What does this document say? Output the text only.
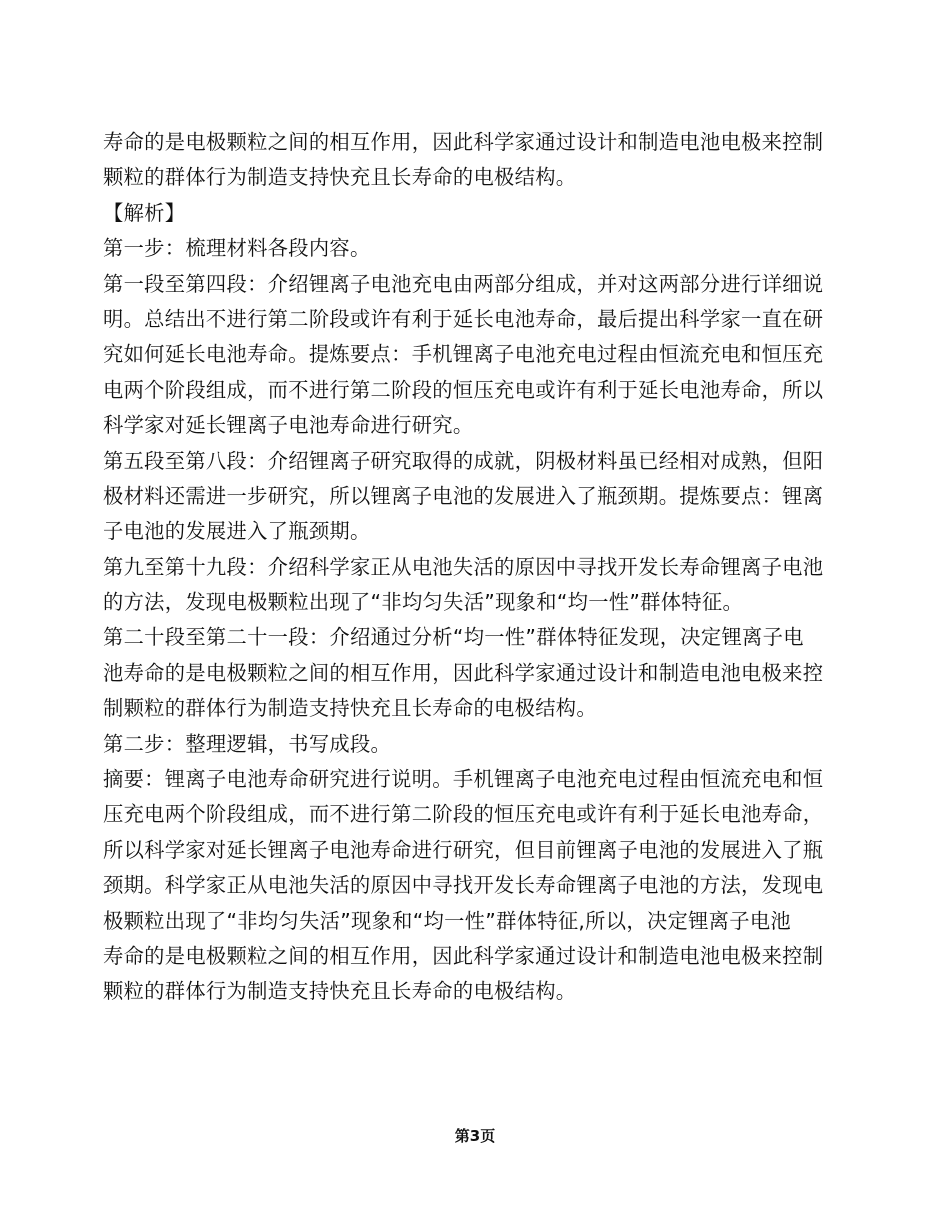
寿命的是电极颗粒之间的相互作用，因此科学家通过设计和制造电池电极来控制
颗粒的群体行为制造支持快充且长寿命的电极结构。
【解析】
第一步：梳理材料各段内容。
第一段至第四段：介绍锂离子电池充电由两部分组成，并对这两部分进行详细说
明。总结出不进行第二阶段或许有利于延长电池寿命，最后提出科学家一直在研
究如何延长电池寿命。提炼要点：手机锂离子电池充电过程由恒流充电和恒压充
电两个阶段组成，而不进行第二阶段的恒压充电或许有利于延长电池寿命，所以
科学家对延长锂离子电池寿命进行研究。
第五段至第八段：介绍锂离子研究取得的成就，阴极材料虽已经相对成熟，但阳
极材料还需进一步研究，所以锂离子电池的发展进入了瓶颈期。提炼要点：锂离
子电池的发展进入了瓶颈期。
第九至第十九段：介绍科学家正从电池失活的原因中寻找开发长寿命锂离子电池
的方法，发现电极颗粒出现了“非均匀失活”现象和“均一性”群体特征。
第二十段至第二十一段：介绍通过分析“均一性”群体特征发现，决定锂离子电
池寿命的是电极颗粒之间的相互作用，因此科学家通过设计和制造电池电极来控
制颗粒的群体行为制造支持快充且长寿命的电极结构。
第二步：整理逻辑，书写成段。
摘要：锂离子电池寿命研究进行说明。手机锂离子电池充电过程由恒流充电和恒
压充电两个阶段组成，而不进行第二阶段的恒压充电或许有利于延长电池寿命，
所以科学家对延长锂离子电池寿命进行研究，但目前锂离子电池的发展进入了瓶
颈期。科学家正从电池失活的原因中寻找开发长寿命锂离子电池的方法，发现电
极颗粒出现了“非均匀失活”现象和“均一性”群体特征,所以，决定锂离子电池
寿命的是电极颗粒之间的相互作用，因此科学家通过设计和制造电池电极来控制
颗粒的群体行为制造支持快充且长寿命的电极结构。
第3页
